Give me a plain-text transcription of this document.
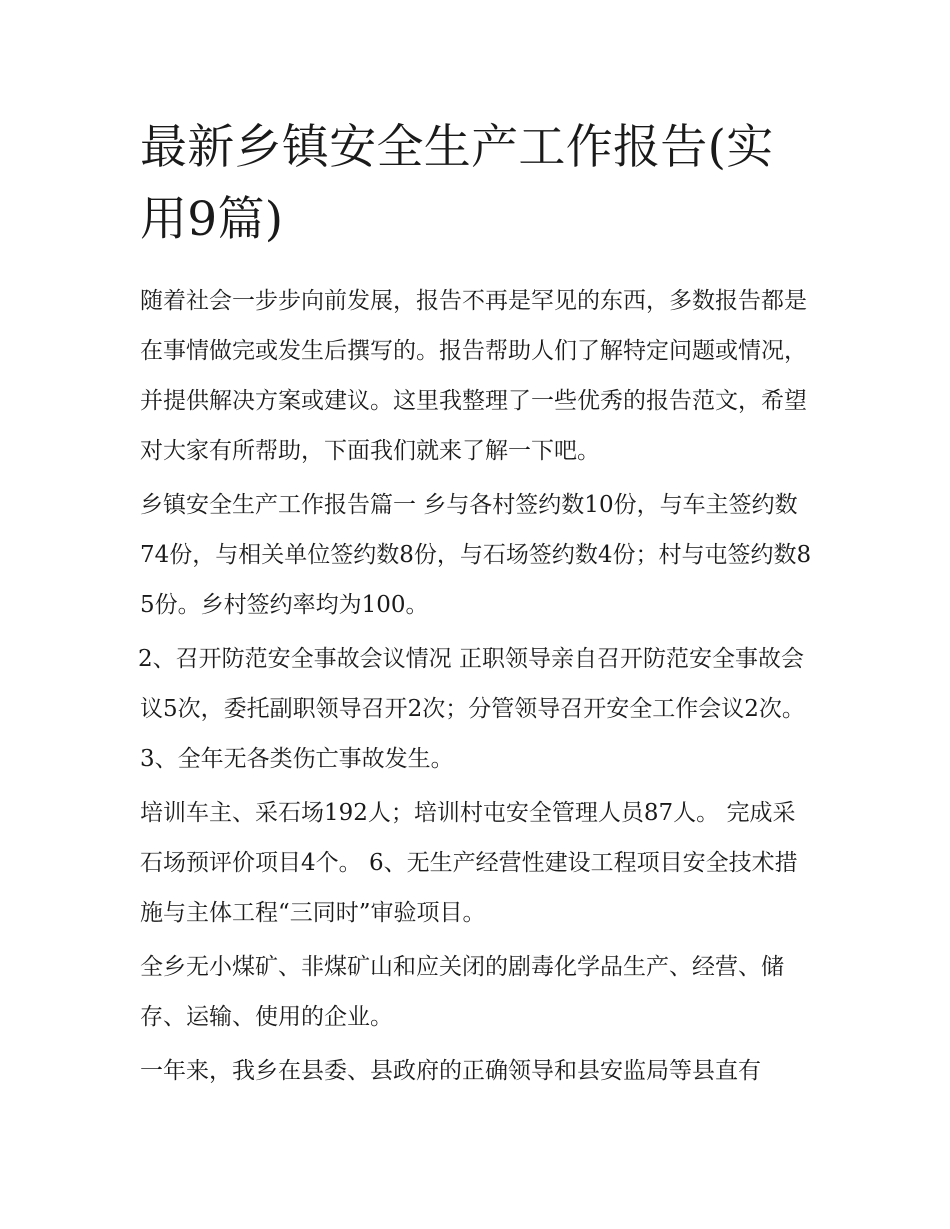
最新乡镇安全生产工作报告(实用9篇)

随着社会一步步向前发展，报告不再是罕见的东西，多数报告都是在事情做完或发生后撰写的。报告帮助人们了解特定问题或情况，并提供解决方案或建议。这里我整理了一些优秀的报告范文，希望对大家有所帮助，下面我们就来了解一下吧。

乡镇安全生产工作报告篇一 乡与各村签约数10份，与车主签约数74份，与相关单位签约数8份，与石场签约数4份；村与屯签约数85份。乡村签约率均为100。

2、召开防范安全事故会议情况 正职领导亲自召开防范安全事故会议5次，委托副职领导召开2次；分管领导召开安全工作会议2次。 3、全年无各类伤亡事故发生。

培训车主、采石场192人；培训村屯安全管理人员87人。 完成采石场预评价项目4个。 6、无生产经营性建设工程项目安全技术措施与主体工程“三同时”审验项目。

全乡无小煤矿、非煤矿山和应关闭的剧毒化学品生产、经营、储存、运输、使用的企业。

一年来，我乡在县委、县政府的正确领导和县安监局等县直有
